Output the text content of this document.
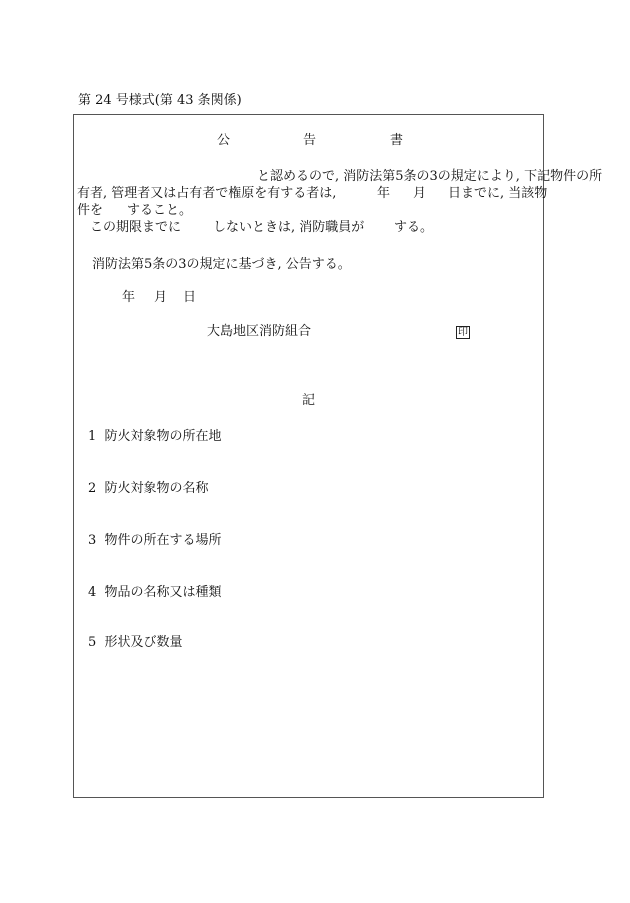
第 24 号様式(第 43 条関係)
公	告	書
と認めるので, 消防法第5条の3の規定により, 下記物件の所
有者, 管理者又は占有者で権原を有する者は,	年 月 日までに, 当該物
件を すること。
この期限までに しないときは, 消防職員が する。
消防法第5条の3の規定に基づき, 公告する。
年 月 日
大島地区消防組合	印
記
1 防火対象物の所在地
2 防火対象物の名称
3 物件の所在する場所
4 物品の名称又は種類
5 形状及び数量
